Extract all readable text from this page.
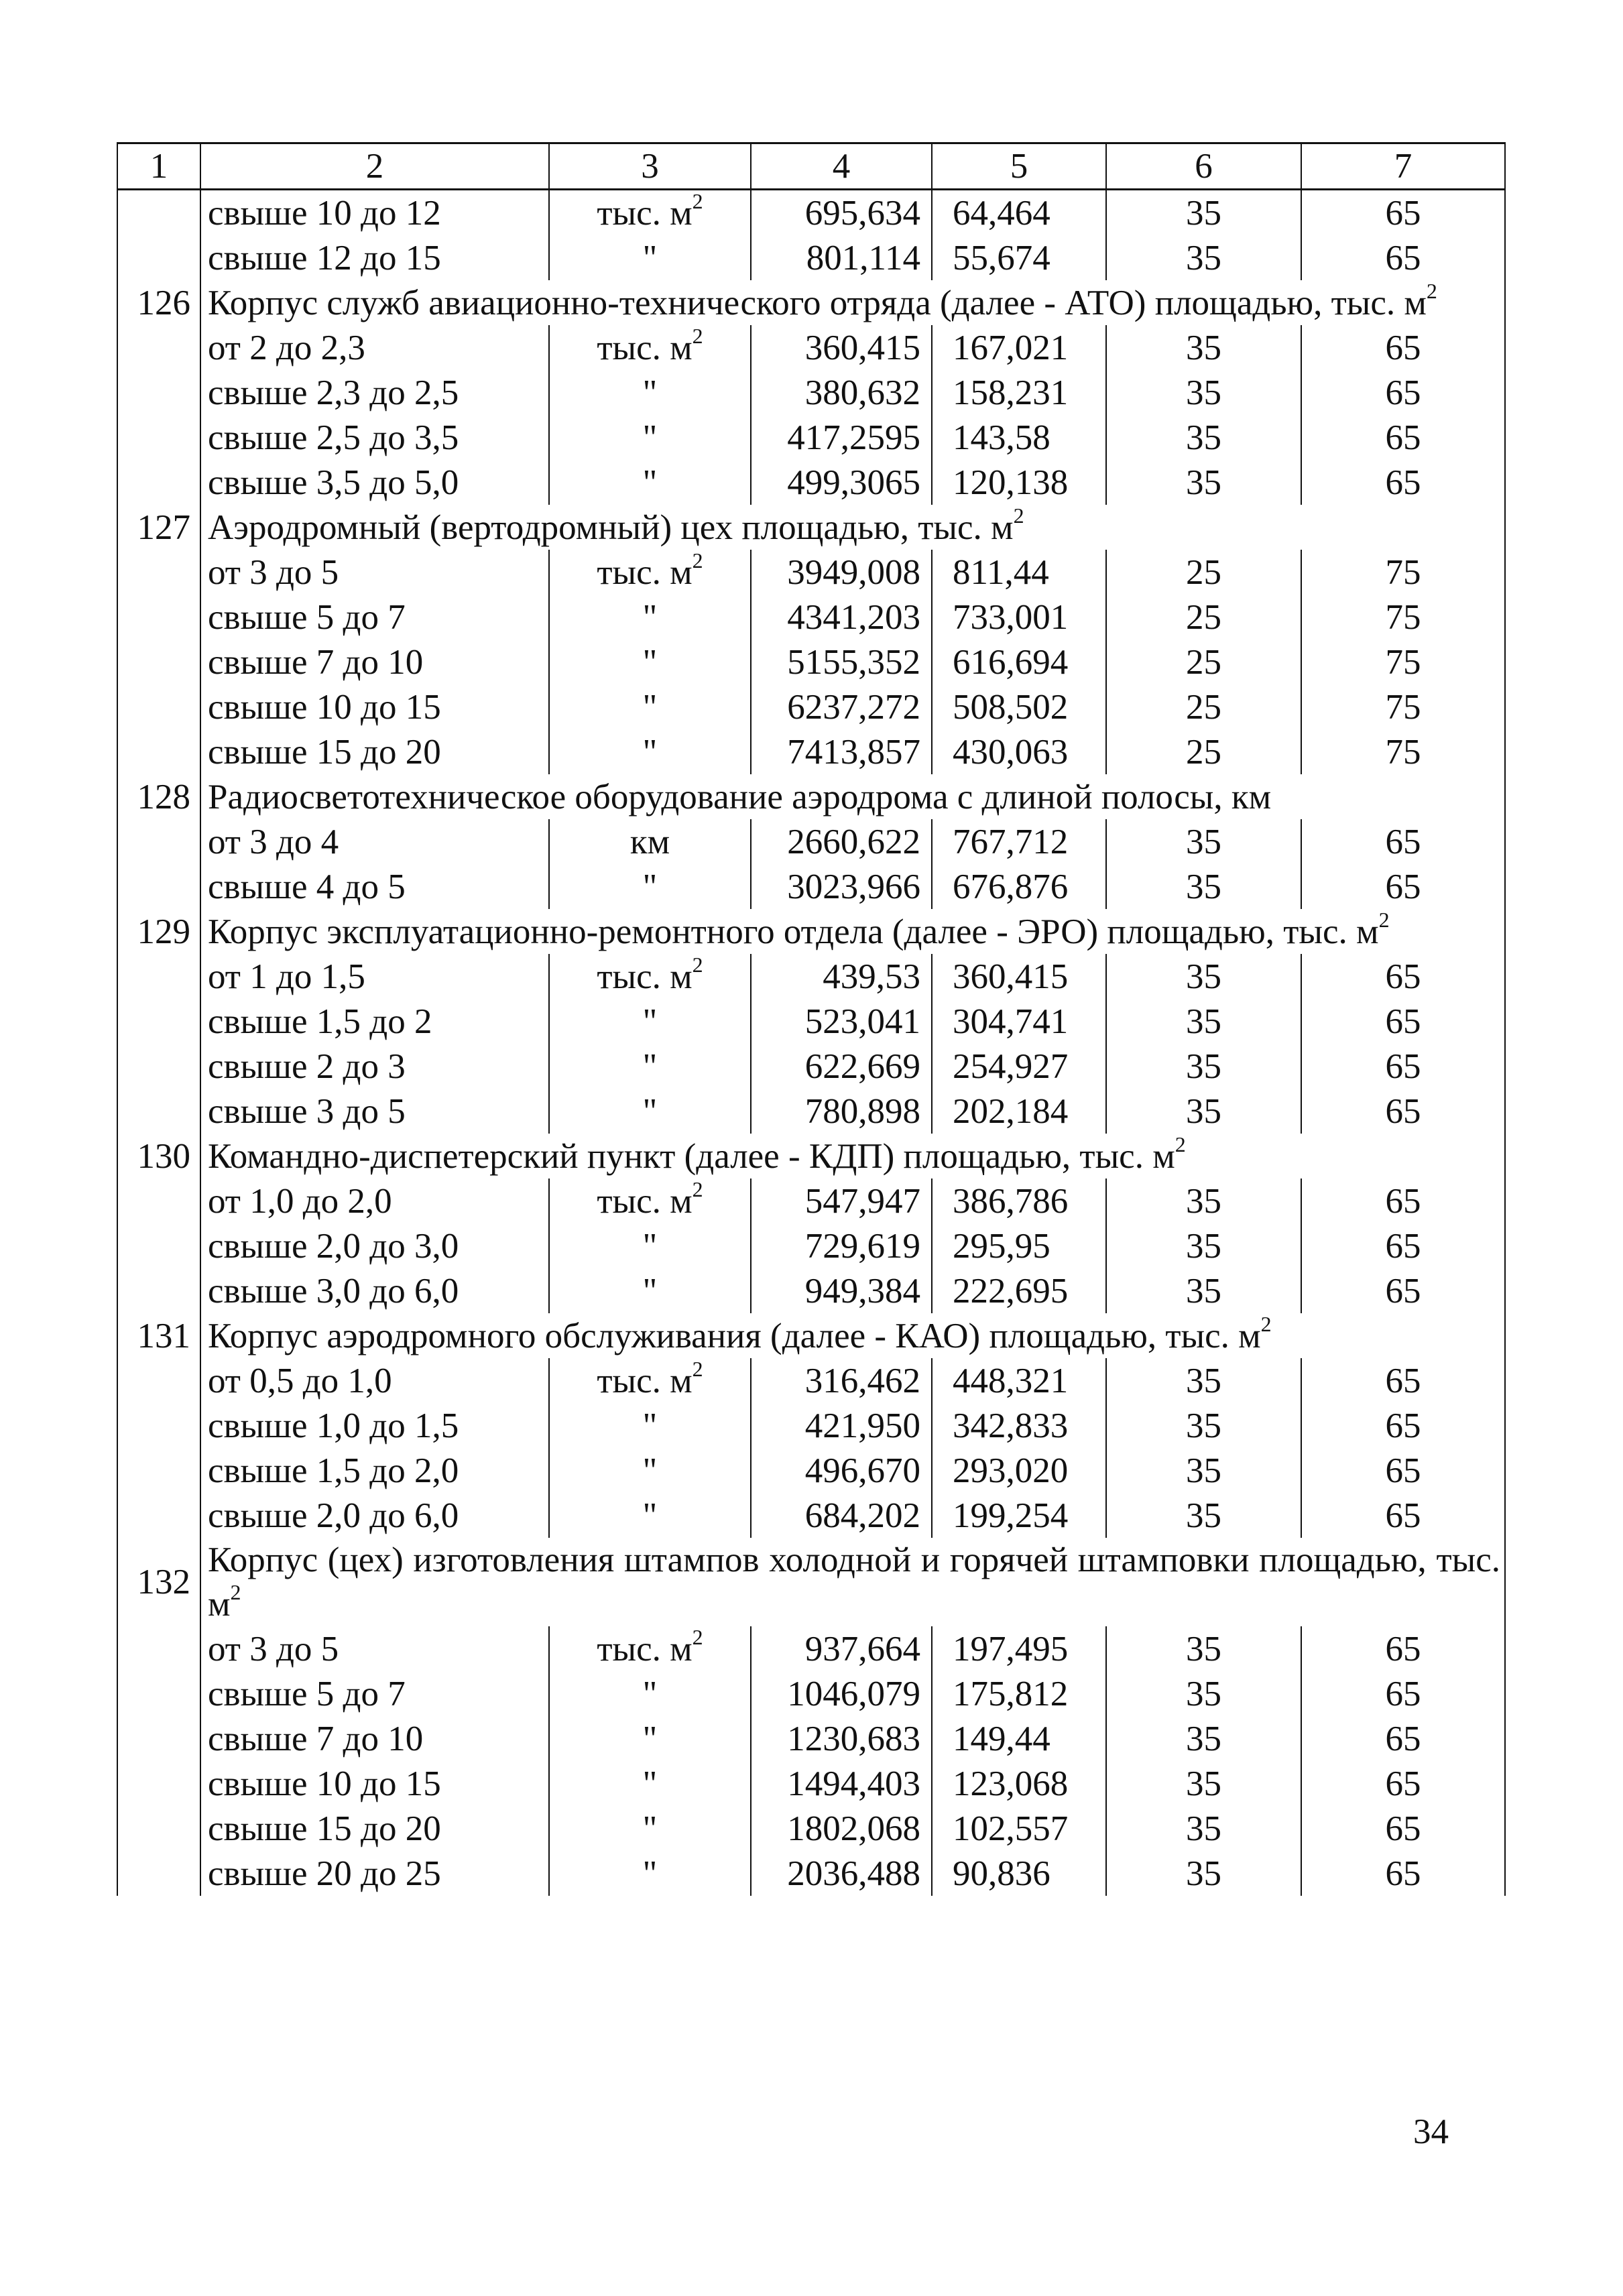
1	2	3	4	5	6	7
	свыше 10 до 12	тыс. $м^2$	695,634	64,464	35	65
	свыше 12 до 15	"	801,114	55,674	35	65
126	Корпус служб авиационно-технического отряда (далее - АТО) площадью, тыс. $м^2$
	от 2 до 2,3	тыс. $м^2$	360,415	167,021	35	65
	свыше 2,3 до 2,5	"	380,632	158,231	35	65
	свыше 2,5 до 3,5	"	417,2595	143,58	35	65
	свыше 3,5 до 5,0	"	499,3065	120,138	35	65
127	Аэродромный (вертодромный) цех площадью, тыс. $м^2$
	от 3 до 5	тыс. $м^2$	3949,008	811,44	25	75
	свыше 5 до 7	"	4341,203	733,001	25	75
	свыше 7 до 10	"	5155,352	616,694	25	75
	свыше 10 до 15	"	6237,272	508,502	25	75
	свыше 15 до 20	"	7413,857	430,063	25	75
128	Радиосветотехническое оборудование аэродрома с длиной полосы, км					
	от 3 до 4	км	2660,622	767,712	35	65
	свыше 4 до 5	"	3023,966	676,876	35	65
129	Корпус эксплуатационно-ремонтного отдела (далее - ЭРО) площадью, тыс. $м^2$
	от 1 до 1,5	тыс. $м^2$	439,53	360,415	35	65
	свыше 1,5 до 2	"	523,041	304,741	35	65
	свыше 2 до 3	"	622,669	254,927	35	65
	свыше 3 до 5	"	780,898	202,184	35	65
130	Командно-диспетерский пункт (далее - КДП) площадью, тыс. $м^2$
	от 1,0 до 2,0	тыс. $м^2$	547,947	386,786	35	65
	свыше 2,0 до 3,0	"	729,619	295,95	35	65
	свыше 3,0 до 6,0	"	949,384	222,695	35	65
131	Корпус аэродромного обслуживания (далее - КАО) площадью, тыс. $м^2$
	от 0,5 до 1,0	тыс. $м^2$	316,462	448,321	35	65
	свыше 1,0 до 1,5	"	421,950	342,833	35	65
	свыше 1,5 до 2,0	"	496,670	293,020	35	65
	свыше 2,0 до 6,0	"	684,202	199,254	35	65
132	Корпус (цех) изготовления штампов холодной и горячей штамповки площадью, тыс. $м^2$
	от 3 до 5	тыс. $м^2$	937,664	197,495	35	65
	свыше 5 до 7	"	1046,079	175,812	35	65
	свыше 7 до 10	"	1230,683	149,44	35	65
	свыше 10 до 15	"	1494,403	123,068	35	65
	свыше 15 до 20	"	1802,068	102,557	35	65
	свыше 20 до 25	"	2036,488	90,836	35	65
34
